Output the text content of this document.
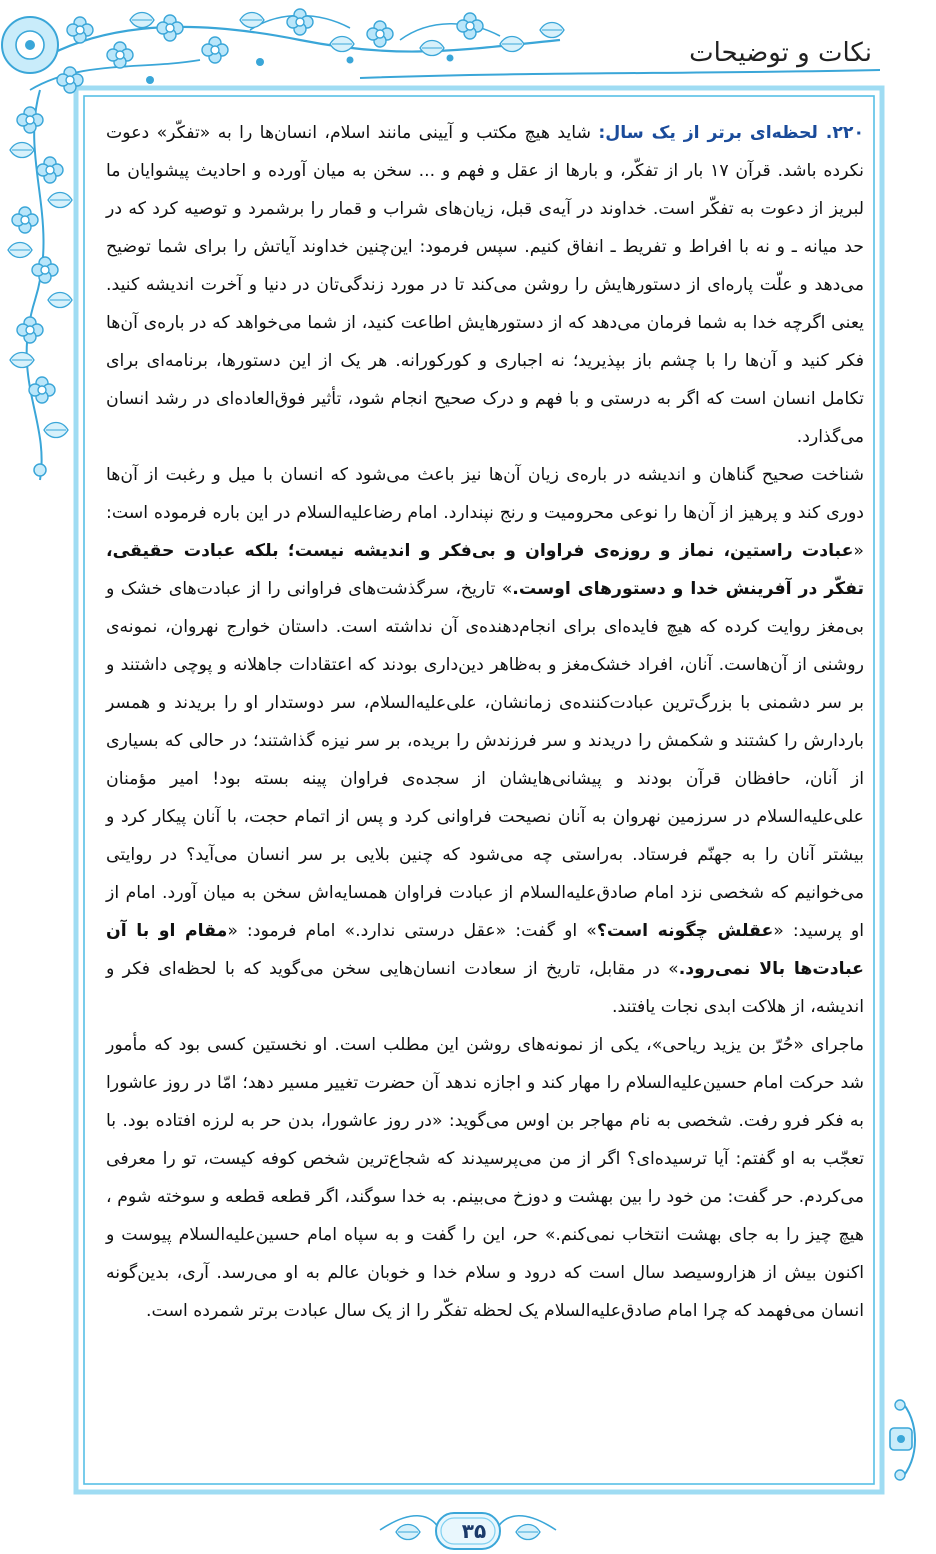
نکات و توضیحات

۲۲۰. لحظه‌ای برتر از یک سال: شاید هیچ مکتب و آیینی مانند اسلام، انسان‌ها را به «تفکّر» دعوت نکرده باشد. قرآن ۱۷ بار از تفکّر، و بارها از عقل و فهم و ... سخن به میان آورده و احادیث پیشوایان ما لبریز از دعوت به تفکّر است. خداوند در آیه‌ی قبل، زیان‌های شراب و قمار را برشمرد و توصیه کرد که در حد میانه ـ و نه با افراط و تفریط ـ انفاق کنیم. سپس فرمود: این‌چنین خداوند آیاتش را برای شما توضیح می‌دهد و علّت پاره‌ای از دستورهایش را روشن می‌کند تا در مورد زندگی‌تان در دنیا و آخرت اندیشه کنید. یعنی اگرچه خدا به شما فرمان می‌دهد که از دستورهایش اطاعت کنید، از شما می‌خواهد که در باره‌ی آن‌ها فکر کنید و آن‌ها را با چشم باز بپذیرید؛ نه اجباری و کورکورانه. هر یک از این دستورها، برنامه‌ای برای تکامل انسان است که اگر به درستی و با فهم و درک صحیح انجام شود، تأثیر فوق‌العاده‌ای در رشد انسان می‌گذارد.

شناخت صحیح گناهان و اندیشه در باره‌ی زیان آن‌ها نیز باعث می‌شود که انسان با میل و رغبت از آن‌ها دوری کند و پرهیز از آن‌ها را نوعی محرومیت و رنج نپندارد. امام رضاعلیه‌السلام در این باره فرموده است: «عبادت راستین، نماز و روزه‌ی فراوان و بی‌فکر و اندیشه نیست؛ بلکه عبادت حقیقی، تفکّر در آفرینش خدا و دستورهای اوست.» تاریخ، سرگذشت‌های فراوانی را از عبادت‌های خشک و بی‌مغز روایت کرده که هیچ فایده‌ای برای انجام‌دهنده‌ی آن نداشته است. داستان خوارج نهروان، نمونه‌ی روشنی از آن‌هاست. آنان، افراد خشک‌مغز و به‌ظاهر دین‌داری بودند که اعتقادات جاهلانه و پوچی داشتند و بر سر دشمنی با بزرگ‌ترین عبادت‌کننده‌ی زمانشان، علی‌علیه‌السلام، سر دوستدار او را بریدند و همسر باردارش را کشتند و شکمش را دریدند و سر فرزندش را بریده، بر سر نیزه گذاشتند؛ در حالی که بسیاری از آنان، حافظان قرآن بودند و پیشانی‌هایشان از سجده‌ی فراوان پینه بسته بود! امیر مؤمنان علی‌علیه‌السلام در سرزمین نهروان به آنان نصیحت فراوانی کرد و پس از اتمام حجت، با آنان پیکار کرد و بیشتر آنان را به جهنّم فرستاد. به‌راستی چه می‌شود که چنین بلایی بر سر انسان می‌آید؟ در روایتی می‌خوانیم که شخصی نزد امام صادق‌علیه‌السلام از عبادت فراوان همسایه‌اش سخن به میان آورد. امام از او پرسید: «عقلش چگونه است؟» او گفت: «عقل درستی ندارد.» امام فرمود: «مقام او با آن عبادت‌ها بالا نمی‌رود.» در مقابل، تاریخ از سعادت انسان‌هایی سخن می‌گوید که با لحظه‌ای فکر و اندیشه، از هلاکت ابدی نجات یافتند.

ماجرای «حُرّ بن یزید ریاحی»، یکی از نمونه‌های روشن این مطلب است. او نخستین کسی بود که مأمور شد حرکت امام حسین‌علیه‌السلام را مهار کند و اجازه ندهد آن حضرت تغییر مسیر دهد؛ امّا در روز عاشورا به فکر فرو رفت. شخصی به نام مهاجر بن اوس می‌گوید: «در روز عاشورا، بدن حر به لرزه افتاده بود. با تعجّب به او گفتم: آیا ترسیده‌ای؟ اگر از من می‌پرسیدند که شجاع‌ترین شخص کوفه کیست، تو را معرفی می‌کردم. حر گفت: من خود را بین بهشت و دوزخ می‌بینم. به خدا سوگند، اگر قطعه قطعه و سوخته شوم ، هیچ چیز را به جای بهشت انتخاب نمی‌کنم.» حر، این را گفت و به سپاه امام حسین‌علیه‌السلام پیوست و اکنون بیش از هزاروسیصد سال است که درود و سلام خدا و خوبان عالم به او می‌رسد. آری، بدین‌گونه انسان می‌فهمد که چرا امام صادق‌علیه‌السلام یک لحظه تفکّر را از یک سال عبادت برتر شمرده است.

۳۵
